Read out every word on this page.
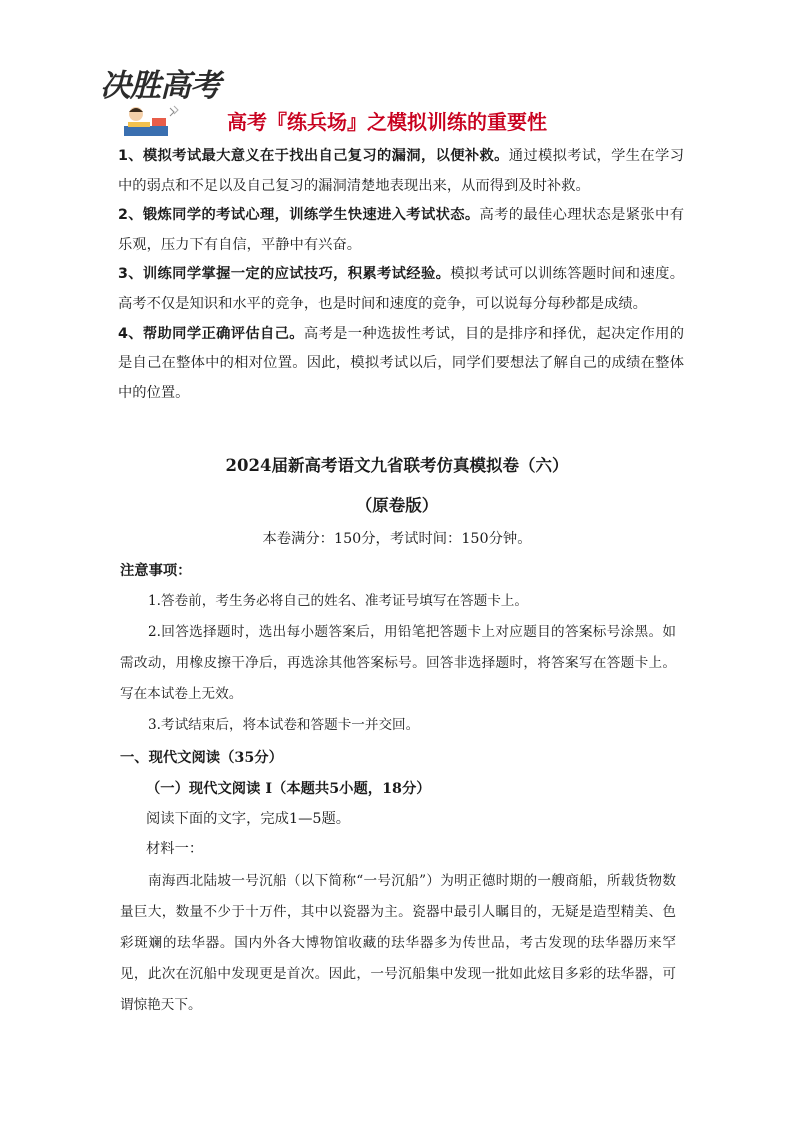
决胜高考
高考『练兵场』之模拟训练的重要性

1、模拟考试最大意义在于找出自己复习的漏洞，以便补救。通过模拟考试，学生在学习中的弱点和不足以及自己复习的漏洞清楚地表现出来，从而得到及时补救。

2、锻炼同学的考试心理，训练学生快速进入考试状态。高考的最佳心理状态是紧张中有乐观，压力下有自信，平静中有兴奋。

3、训练同学掌握一定的应试技巧，积累考试经验。模拟考试可以训练答题时间和速度。高考不仅是知识和水平的竞争，也是时间和速度的竞争，可以说每分每秒都是成绩。

4、帮助同学正确评估自己。高考是一种选拔性考试，目的是排序和择优，起决定作用的是自己在整体中的相对位置。因此，模拟考试以后，同学们要想法了解自己的成绩在整体中的位置。

2024届新高考语文九省联考仿真模拟卷（六）
（原卷版）
本卷满分：150分，考试时间：150分钟。
注意事项：

1.答卷前，考生务必将自己的姓名、准考证号填写在答题卡上。

2.回答选择题时，选出每小题答案后，用铅笔把答题卡上对应题目的答案标号涂黑。如需改动，用橡皮擦干净后，再选涂其他答案标号。回答非选择题时，将答案写在答题卡上。写在本试卷上无效。

3.考试结束后，将本试卷和答题卡一并交回。

一、现代文阅读（35分）
（一）现代文阅读 I（本题共5小题，18分）
阅读下面的文字，完成1—5题。
材料一：

南海西北陆坡一号沉船（以下简称“一号沉船”）为明正德时期的一艘商船，所载货物数量巨大，数量不少于十万件，其中以瓷器为主。瓷器中最引人瞩目的，无疑是造型精美、色彩斑斓的珐华器。国内外各大博物馆收藏的珐华器多为传世品，考古发现的珐华器历来罕见，此次在沉船中发现更是首次。因此，一号沉船集中发现一批如此炫目多彩的珐华器，可谓惊艳天下。
